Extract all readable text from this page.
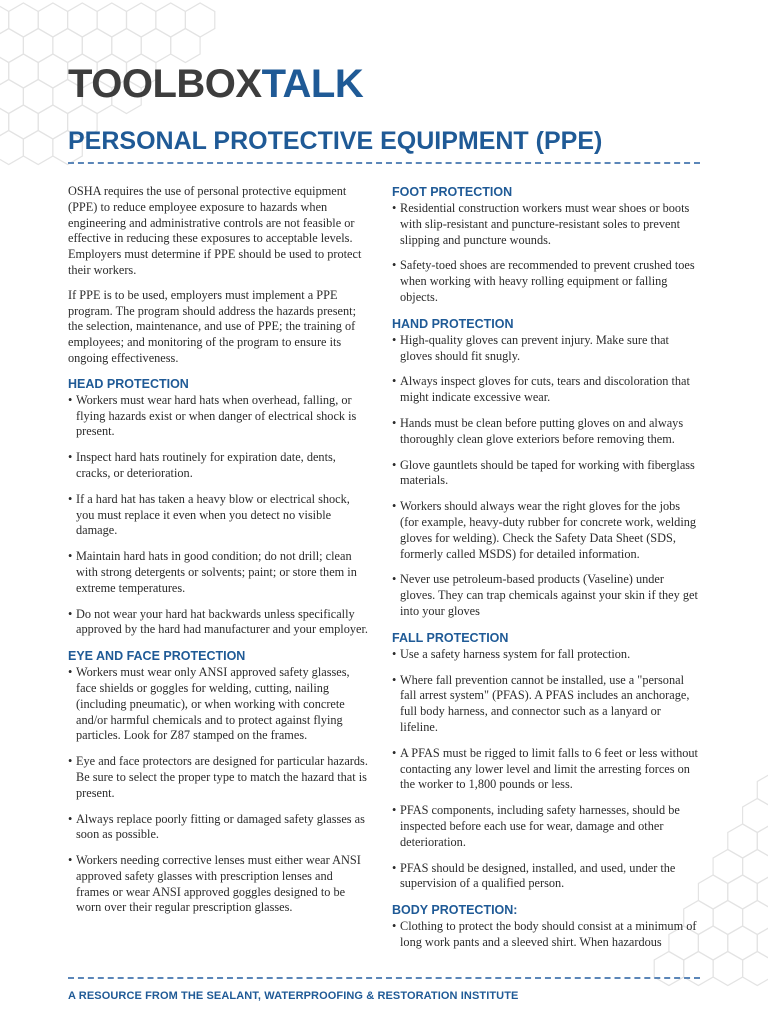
TOOLBOXTALK
PERSONAL PROTECTIVE EQUIPMENT (PPE)

OSHA requires the use of personal protective equipment (PPE) to reduce employee exposure to hazards when engineering and administrative controls are not feasible or effective in reducing these exposures to acceptable levels. Employers must determine if PPE should be used to protect their workers.

If PPE is to be used, employers must implement a PPE program. The program should address the hazards present; the selection, maintenance, and use of PPE; the training of employees; and monitoring of the program to ensure its ongoing effectiveness.

HEAD PROTECTION
• Workers must wear hard hats when overhead, falling, or flying hazards exist or when danger of electrical shock is present.
• Inspect hard hats routinely for expiration date, dents, cracks, or deterioration.
• If a hard hat has taken a heavy blow or electrical shock, you must replace it even when you detect no visible damage.
• Maintain hard hats in good condition; do not drill; clean with strong detergents or solvents; paint; or store them in extreme temperatures.
• Do not wear your hard hat backwards unless specifically approved by the hard had manufacturer and your employer.
EYE AND FACE PROTECTION
• Workers must wear only ANSI approved safety glasses, face shields or goggles for welding, cutting, nailing (including pneumatic), or when working with concrete and/or harmful chemicals and to protect against flying particles. Look for Z87 stamped on the frames.
• Eye and face protectors are designed for particular hazards. Be sure to select the proper type to match the hazard that is present.
• Always replace poorly fitting or damaged safety glasses as soon as possible.
• Workers needing corrective lenses must either wear ANSI approved safety glasses with prescription lenses and frames or wear ANSI approved goggles designed to be worn over their regular prescription glasses.
FOOT PROTECTION
• Residential construction workers must wear shoes or boots with slip-resistant and puncture-resistant soles to prevent slipping and puncture wounds.
• Safety-toed shoes are recommended to prevent crushed toes when working with heavy rolling equipment or falling objects.
HAND PROTECTION
• High-quality gloves can prevent injury. Make sure that gloves should fit snugly.
• Always inspect gloves for cuts, tears and discoloration that might indicate excessive wear.
• Hands must be clean before putting gloves on and always thoroughly clean glove exteriors before removing them.
• Glove gauntlets should be taped for working with fiberglass materials.
• Workers should always wear the right gloves for the jobs (for example, heavy-duty rubber for concrete work, welding gloves for welding). Check the Safety Data Sheet (SDS, formerly called MSDS) for detailed information.
• Never use petroleum-based products (Vaseline) under gloves. They can trap chemicals against your skin if they get into your gloves
FALL PROTECTION
• Use a safety harness system for fall protection.
• Where fall prevention cannot be installed, use a "personal fall arrest system" (PFAS). A PFAS includes an anchorage, full body harness, and connector such as a lanyard or lifeline.
• A PFAS must be rigged to limit falls to 6 feet or less without contacting any lower level and limit the arresting forces on the worker to 1,800 pounds or less.
• PFAS components, including safety harnesses, should be inspected before each use for wear, damage and other deterioration.
• PFAS should be designed, installed, and used, under the supervision of a qualified person.
BODY PROTECTION:
• Clothing to protect the body should consist at a minimum of long work pants and a sleeved shirt. When hazardous
A RESOURCE FROM THE SEALANT, WATERPROOFING & RESTORATION INSTITUTE
